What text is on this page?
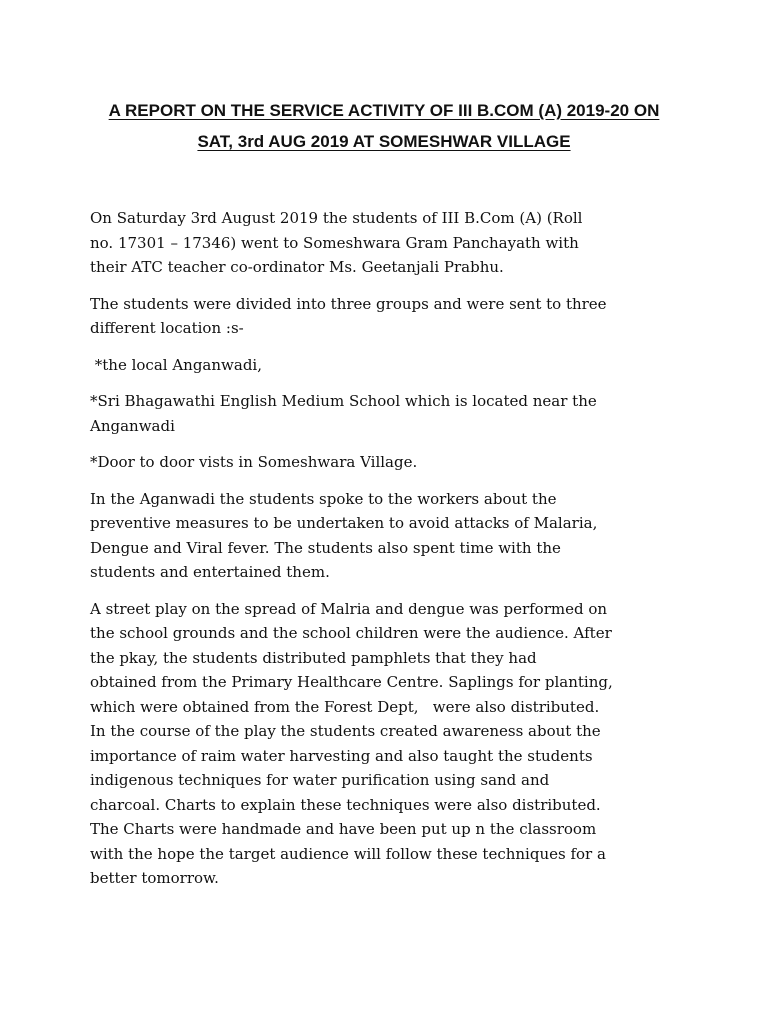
A REPORT ON THE SERVICE ACTIVITY OF III B.COM (A) 2019-20 ON
SAT, 3rd AUG 2019 AT SOMESHWAR VILLAGE

On Saturday 3rd August 2019 the students of III B.Com (A) (Roll
no. 17301 – 17346) went to Someshwara Gram Panchayath with
their ATC teacher co-ordinator Ms. Geetanjali Prabhu.

The students were divided into three groups and were sent to three
different location :s-

*the local Anganwadi,

*Sri Bhagawathi English Medium School which is located near the
Anganwadi

*Door to door vists in Someshwara Village.

In the Aganwadi the students spoke to the workers about the
preventive measures to be undertaken to avoid attacks of Malaria,
Dengue and Viral fever. The students also spent time with the
students and entertained them.

A street play on the spread of Malria and dengue was performed on
the school grounds and the school children were the audience. After
the pkay, the students distributed pamphlets that they had
obtained from the Primary Healthcare Centre. Saplings for planting,
which were obtained from the Forest Dept,   were also distributed.
In the course of the play the students created awareness about the
importance of raim water harvesting and also taught the students
indigenous techniques for water purification using sand and
charcoal. Charts to explain these techniques were also distributed.
The Charts were handmade and have been put up n the classroom
with the hope the target audience will follow these techniques for a
better tomorrow.
